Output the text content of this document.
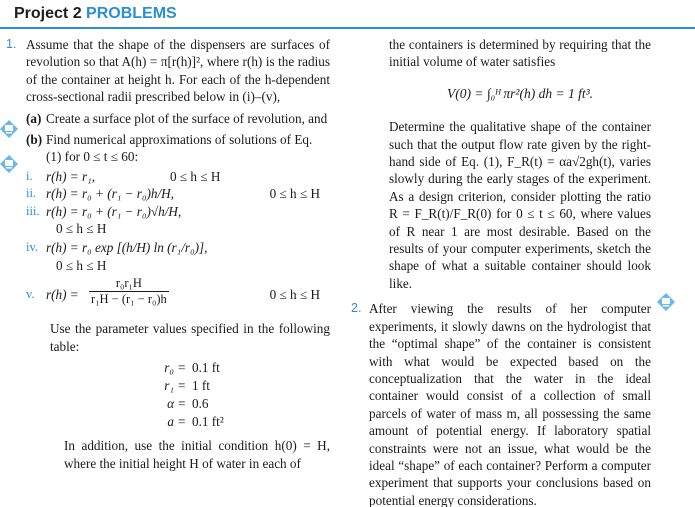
Project 2 PROBLEMS
1. Assume that the shape of the dispensers are surfaces of revolution so that A(h) = π[r(h)]², where r(h) is the radius of the container at height h. For each of the h-dependent cross-sectional radii prescribed below in (i)–(v),
(a) Create a surface plot of the surface of revolution, and
(b) Find numerical approximations of solutions of Eq. (1) for 0 ≤ t ≤ 60:
i. r(h) = r₁,	0 ≤ h ≤ H
ii. r(h) = r₀ + (r₁ − r₀)h/H,	0 ≤ h ≤ H
iii. r(h) = r₀ + (r₁ − r₀)√h/H,
0 ≤ h ≤ H
iv. r(h) = r₀ exp [(h/H) ln (r₁/r₀)],
0 ≤ h ≤ H
v. $r(h) = \frac{\text{r₀r₁H}}{\text{r₁H − (r₁ − r₀)h}}$	0 ≤ h ≤ H
Use the parameter values specified in the following table:
r₀ = 0.1 ft
r₁ = 1 ft
α = 0.6
a = 0.1 ft²
In addition, use the initial condition h(0) = H, where the initial height H of water in each of
the containers is determined by requiring that the initial volume of water satisfies
V(0) = ∫₀ᴴ πr²(h) dh = 1 ft³.
Determine the qualitative shape of the container such that the output flow rate given by the right-hand side of Eq. (1), F_R(t) = αa√2gh(t), varies slowly during the early stages of the experiment. As a design criterion, consider plotting the ratio R = F_R(t)/F_R(0) for 0 ≤ t ≤ 60, where values of R near 1 are most desirable. Based on the results of your computer experiments, sketch the shape of what a suitable container should look like.
2. After viewing the results of her computer experiments, it slowly dawns on the hydrologist that the “optimal shape” of the container is consistent with what would be expected based on the conceptualization that the water in the ideal container would consist of a collection of small parcels of water of mass m, all possessing the same amount of potential energy. If laboratory spatial constraints were not an issue, what would be the ideal “shape” of each container? Perform a computer experiment that supports your conclusions based on potential energy considerations.
